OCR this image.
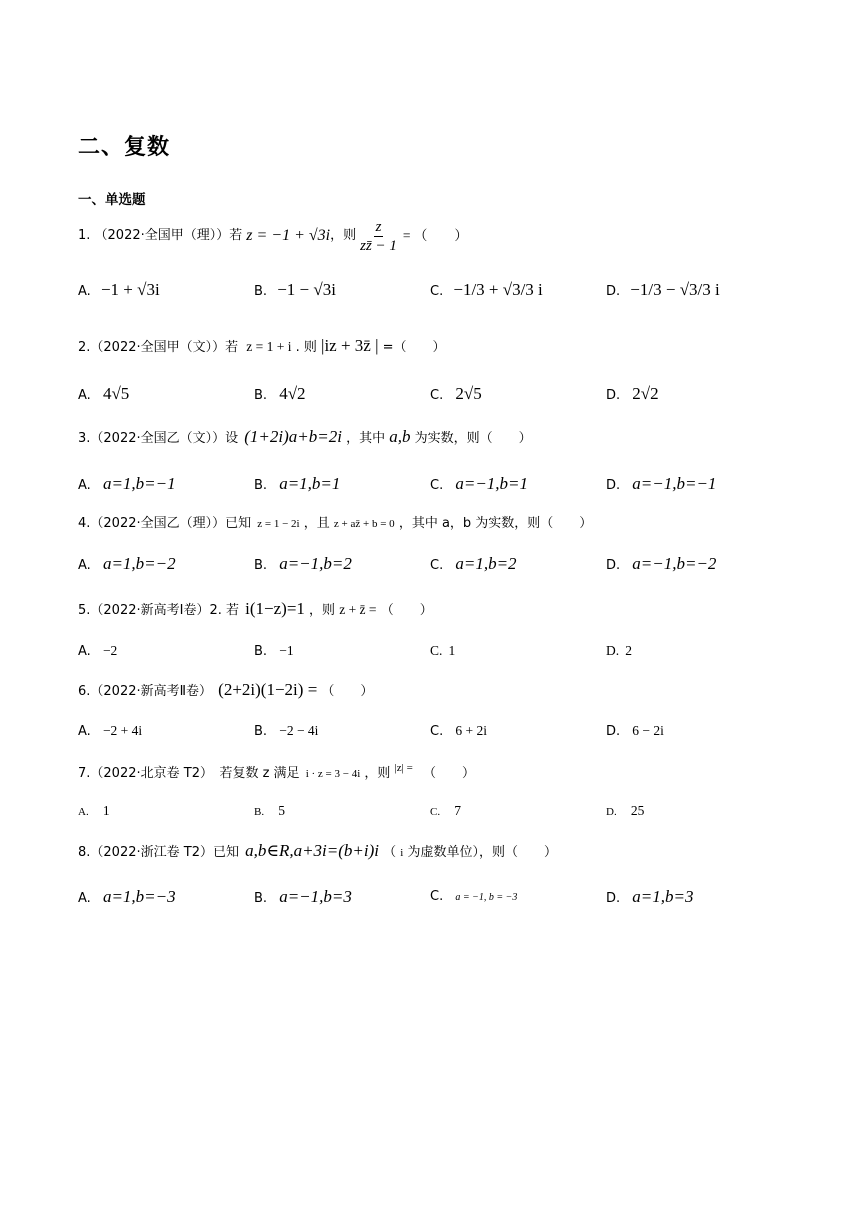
二、复数
一、单选题
1. （2022·全国甲（理））若 z = −1 + √3i ，则 $\frac{z}{zz̄ - 1}$ = （　　）
A. −1 + √3i	B. −1 − √3i	C. −1/3 + √3/3 i	D. −1/3 − √3/3 i
2.（2022·全国甲（文））若 z = 1 + i . 则 |iz + 3z̄ | =（　　）
A. 4√5	B. 4√2	C. 2√5	D. 2√2
3.（2022·全国乙（文））设 (1+2i)a+b=2i ，其中 a,b 为实数，则（　　）
A. a=1,b=−1	B. a=1,b=1	C. a=−1,b=1	D. a=−1,b=−1
4.（2022·全国乙（理））已知 z = 1 − 2i ，且 z + az̄ + b = 0 ，其中 a，b 为实数，则（　　）
A. a=1,b=−2	B. a=−1,b=2	C. a=1,b=2	D. a=−1,b=−2
5.（2022·新高考Ⅰ卷）2. 若 i(1−z)=1 ，则 z + z̄ = （　　）
A. −2	B. −1	C. 1	D. 2
6.（2022·新高考Ⅱ卷） (2+2i)(1−2i) = （　　）
A. −2 + 4i	B. −2 − 4i	C. 6 + 2i	D. 6 − 2i
7.（2022·北京卷 T2）　若复数 z 满足 i · z = 3 − 4i ，则 $^{|z| =}$ （　　）
A. 1	B. 5	C. 7	D. 25
8.（2022·浙江卷 T2）已知 a,b∈R,a+3i=(b+i)i （ i 为虚数单位），则（　　）
A. a=1,b=−3	B. a=−1,b=3	C. a = −1, b = −3	D. a=1,b=3
